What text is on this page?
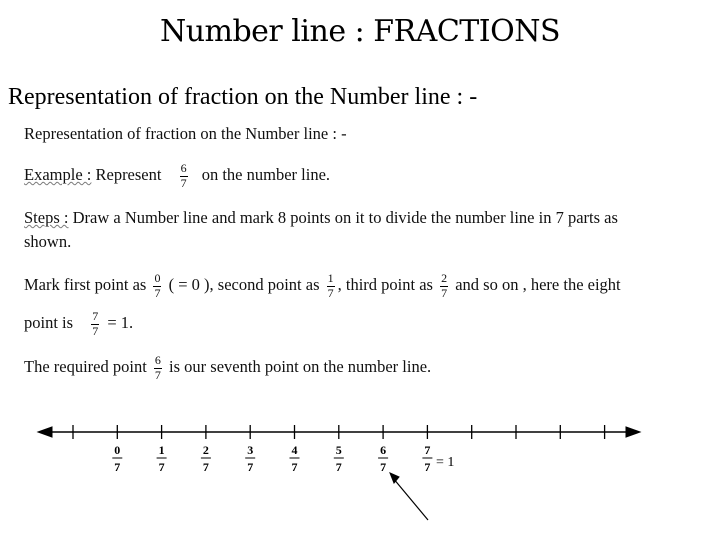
Number line : FRACTIONS
Representation of fraction on the Number line : -
Representation of fraction on the Number line : -
Example : Represent $\frac{6}{7}$ on the number line.
Steps : Draw a Number line and mark 8 points on it to divide the number line in 7 parts as
shown.
Mark first point as $\frac{0}{7}$ ( = 0 ), second point as $\frac{1}{7}$ , third point as $\frac{2}{7}$ and so on , here the eight
point is $\frac{7}{7} = 1$.
The required point $\frac{6}{7}$ is our seventh point on the number line.
0
7
1
7
2
7
3
7
4
7
5
7
6
7
7
7 = 1
